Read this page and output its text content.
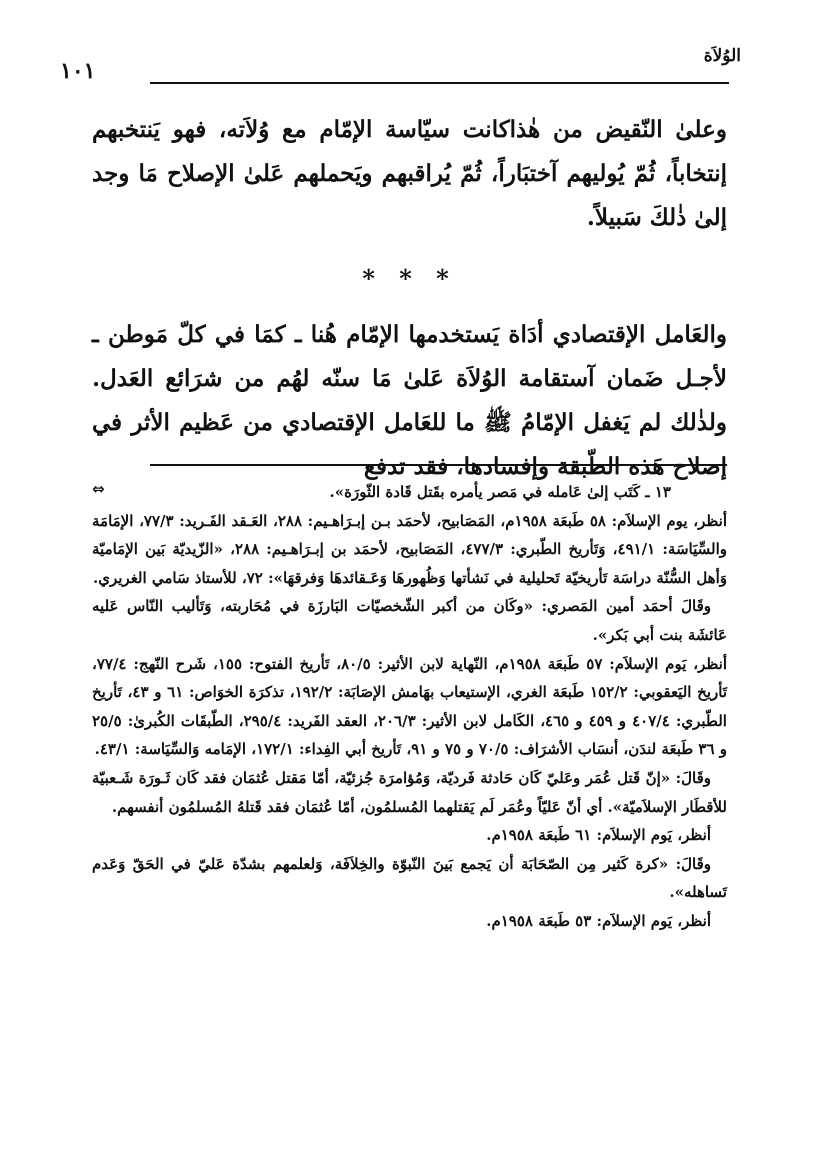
الوُلاَة
١٠١

وعلىٰ النّقيض من هٰذاكانت سيّاسة الإمّام مع وُلاَته، فهو يَنتخبهم إنتخاباً، ثُمّ يُوليهم آختبَاراً، ثُمّ يُراقبهم ويَحملهم عَلىٰ الإصلاح مَا وجد إلىٰ ذٰلكَ سَبيلاً.

* * *

والعَامل الإقتصادي أدَاة يَستخدمها الإمّام هُنا ـ كمَا في كلّ مَوطن ـ لأجـل ضَمان آستقامة الوُلاَة عَلىٰ مَا سنّه لهُم من شرَائع العَدل. ولذٰلك لم يَغفل الإمّامُ ﷺ ما للعَامل الإقتصادي من عَظيم الأثر في إصلاح هَذه الطّبقة وإفسادها، فقد تدفع

⇔	١٣ ـ كَتَب إلىٰ عَامله في مَصر يأمره بقَتل قَادة الثّورَة».

أنظر، يوم الإسلاَم: ٥٨ طَبعَة ١٩٥٨م، المَصَابيح، لأحمَد بـن إبـرَاهـيم: ٢٨٨، العَـقد الفَـريد: ٧٧/٣، الإمَامَة والسِّيَاسَة: ٤٩١/١، وَتَأريخ الطّبري: ٤٧٧/٣، المَصَابيح، لأحمَد بن إبـرَاهـيم: ٢٨٨، «الزّيديّة بَين الإمَاميّة وَأهل السُّنّة دراسَة تَأريخيّة تَحليلية في نَشأتها وَظُهورهَا وَعَـقائدهَا وَفرقهَا»: ٧٢، للأستاذ سَامي الغريري.

وقَالَ أحمَد أمين المَصري: «وكَان من أكبر الشّخصيّات البَارزَة في مُحَاربته، وَتَأليب النّاس عَليه عَائشَة بنت أبي بَكر».

أنظر، يَوم الإسلاَم: ٥٧ طَبعَة ١٩٥٨م، النّهاية لابن الأثير: ٨٠/٥، تَأريخ الفتوح: ١٥٥، شَرح النّهج: ٧٧/٤، تَأريخ اليَعقوبي: ١٥٢/٢ طَبعَة الغري، الإستيعاب بهَامش الإصَابَة: ١٩٢/٢، تذكرَة الخوَاص: ٦١ و ٤٣، تَأريخ الطّبري: ٤٠٧/٤ و ٤٥٩ و ٤٦٥، الكَامل لابن الأثير: ٢٠٦/٣، العقد الفَريد: ٢٩٥/٤، الطّبقَات الكُبرىٰ: ٢٥/٥ و ٣٦ طَبعَة لندَن، أنسَاب الأشرَاف: ٧٠/٥ و ٧٥ و ٩١، تَأريخ أبي الفِداء: ١٧٢/١، الإمَامه وَالسِّيَاسة: ٤٣/١.

وقَالَ: «إنّ قَتل عُمَر وعَليّ كَان حَادثة فَرديّة، وَمُؤامرَة جُزئيّة، أمّا مَقتل عُثمَان فقد كَان ثَـورَة شَـعبيّة للأقطَار الإسلاَميّة». أي أنّ عَليّاً وعُمَر لَم يَقتلهما المُسلمُون، أمّا عُثمَان فقد قَتلهُ المُسلمُون أنفسهم.

أنظر، يَوم الإسلاَم: ٦١ طَبعَة ١٩٥٨م.

وقَالَ: «كرة كَثير مِن الصّحَابَة أن يَجمع بَينَ النّبوّة والخِلاَفَة، وَلعلمهم بشدّة عَليّ في الحَقّ وَعَدم تَساهله».

أنظر، يَوم الإسلاَم: ٥٣ طَبعَة ١٩٥٨م.
